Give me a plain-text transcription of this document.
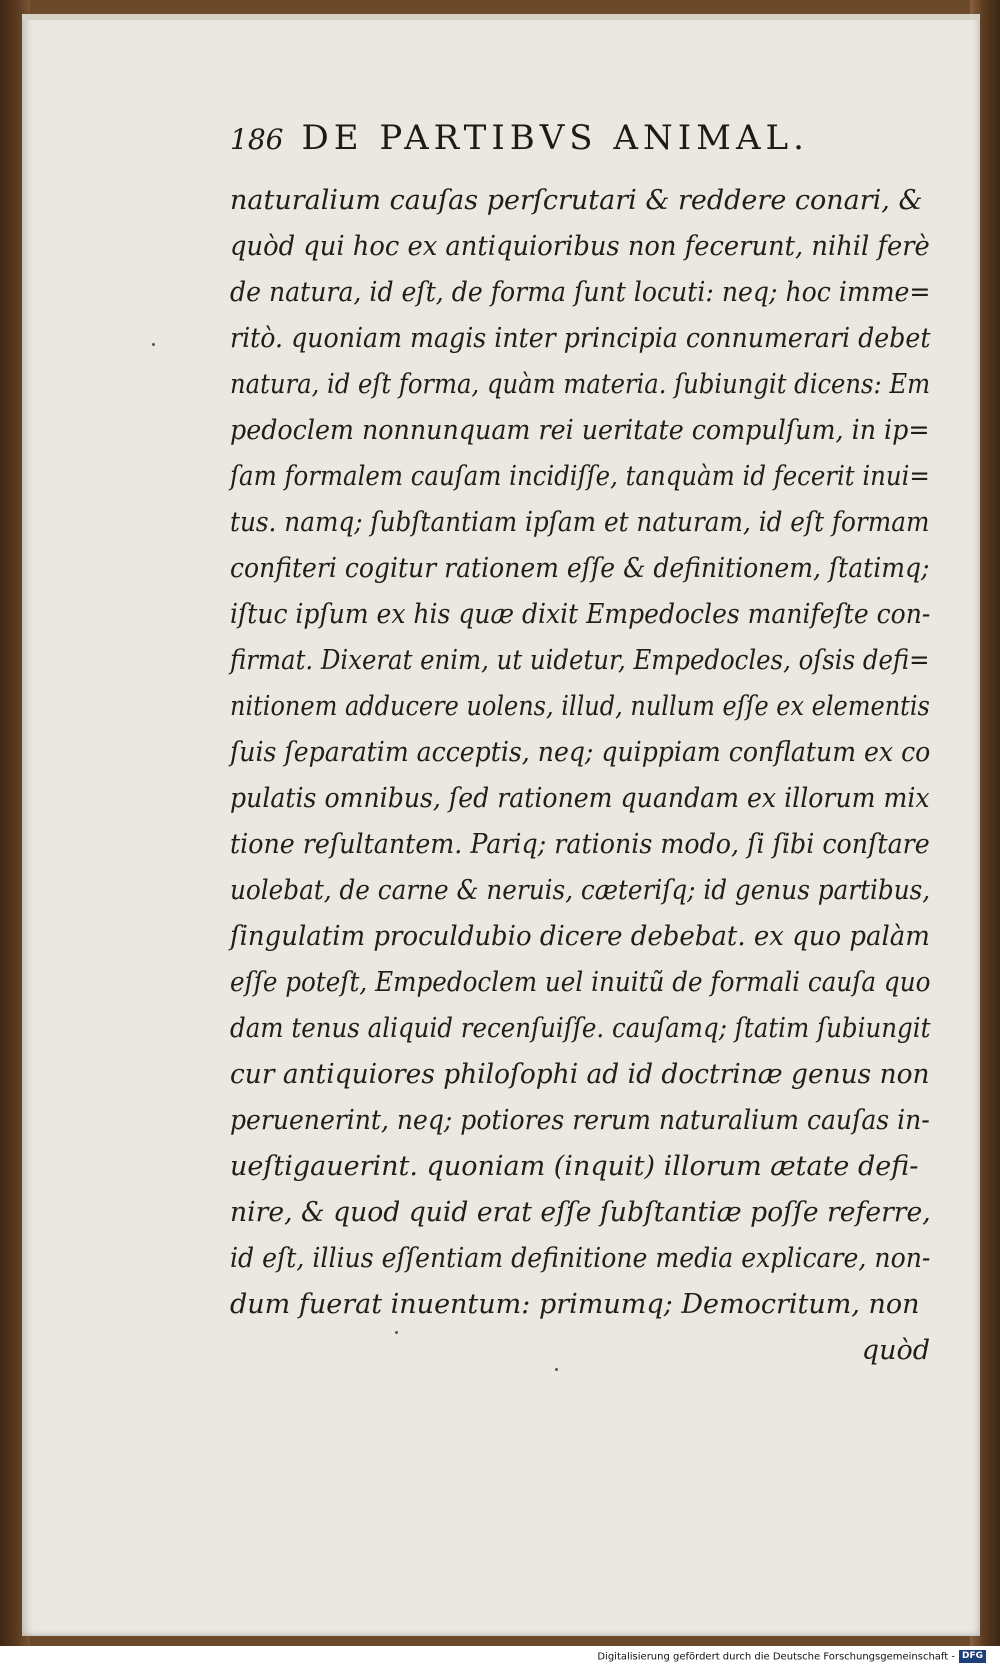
186 DE PARTIBVS ANIMAL.
naturalium cauſas perſcrutari & reddere conari, &
quòd qui hoc ex antiquioribus non fecerunt, nihil ferè
de natura, id eſt, de forma ſunt locuti: neq; hoc imme=
ritò. quoniam magis inter principia connumerari debet
natura, id eſt forma, quàm materia. ſubiungit dicens: Em
pedoclem nonnunquam rei ueritate compulſum, in ip=
ſam formalem cauſam incidiſſe, tanquàm id fecerit inui=
tus. namq; ſubſtantiam ipſam et naturam, id eſt formam
confiteri cogitur rationem eſſe & definitionem, ſtatimq;
iſtuc ipſum ex his quæ dixit Empedocles manifeſte con-
firmat. Dixerat enim, ut uidetur, Empedocles, oſsis defi=
nitionem adducere uolens, illud, nullum eſſe ex elementis
ſuis ſeparatim acceptis, neq; quippiam conflatum ex co
pulatis omnibus, ſed rationem quandam ex illorum mix
tione reſultantem. Pariq; rationis modo, ſi ſibi conſtare
uolebat, de carne & neruis, cæteriſq; id genus partibus,
ſingulatim proculdubio dicere debebat. ex quo palàm
eſſe poteſt, Empedoclem uel inuitũ de formali cauſa quo
dam tenus aliquid recenſuiſſe. cauſamq; ſtatim ſubiungit
cur antiquiores philoſophi ad id doctrinæ genus non
peruenerint, neq; potiores rerum naturalium cauſas in-
ueſtigauerint. quoniam (inquit) illorum ætate defi-
nire, & quod quid erat eſſe ſubſtantiæ poſſe referre,
id eſt, illius eſſentiam definitione media explicare, non-
dum fuerat inuentum: primumq; Democritum, non
quòd
Digitalisierung gefördert durch die Deutsche Forschungsgemeinschaft - DFG
